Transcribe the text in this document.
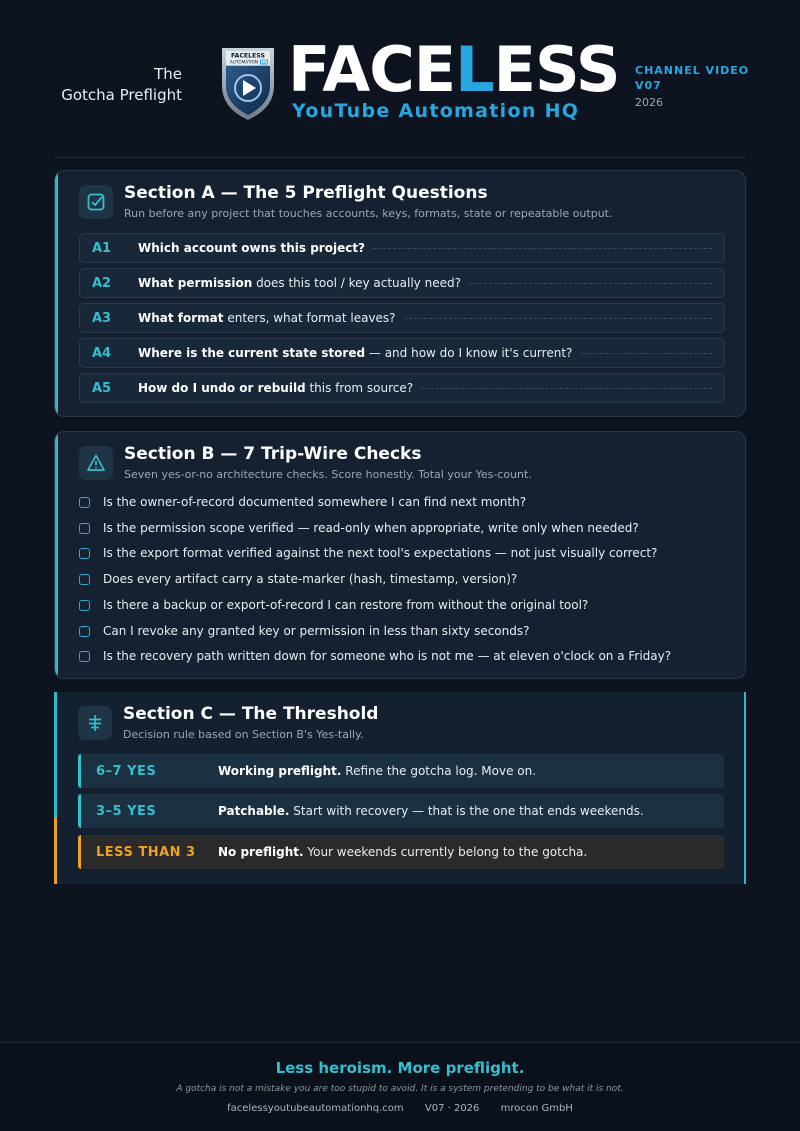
The
Gotcha Preflight
FACELESS
AUTOMATION HQ FACELESS
YouTube Automation HQ
CHANNEL VIDEO
V07
2026
Section A — The 5 Preflight Questions
Run before any project that touches accounts, keys, formats, state or repeatable output.
A1	Which account owns this project?
A2	What permission does this tool / key actually need?
A3	What format enters, what format leaves?
A4	Where is the current state stored — and how do I know it's current?
A5	How do I undo or rebuild this from source?
Section B — 7 Trip-Wire Checks
Seven yes-or-no architecture checks. Score honestly. Total your Yes-count.
Is the owner-of-record documented somewhere I can find next month?
Is the permission scope verified — read-only when appropriate, write only when needed?
Is the export format verified against the next tool's expectations — not just visually correct?
Does every artifact carry a state-marker (hash, timestamp, version)?
Is there a backup or export-of-record I can restore from without the original tool?
Can I revoke any granted key or permission in less than sixty seconds?
Is the recovery path written down for someone who is not me — at eleven o'clock on a Friday?
Section C — The Threshold
Decision rule based on Section B's Yes-tally.
6–7 YES	Working preflight. Refine the gotcha log. Move on.
3–5 YES	Patchable. Start with recovery — that is the one that ends weekends.
LESS THAN 3	No preflight. Your weekends currently belong to the gotcha.
Less heroism. More preflight.
A gotcha is not a mistake you are too stupid to avoid. It is a system pretending to be what it is not.
facelessyoutubeautomationhq.com V07 · 2026 mrocon GmbH
